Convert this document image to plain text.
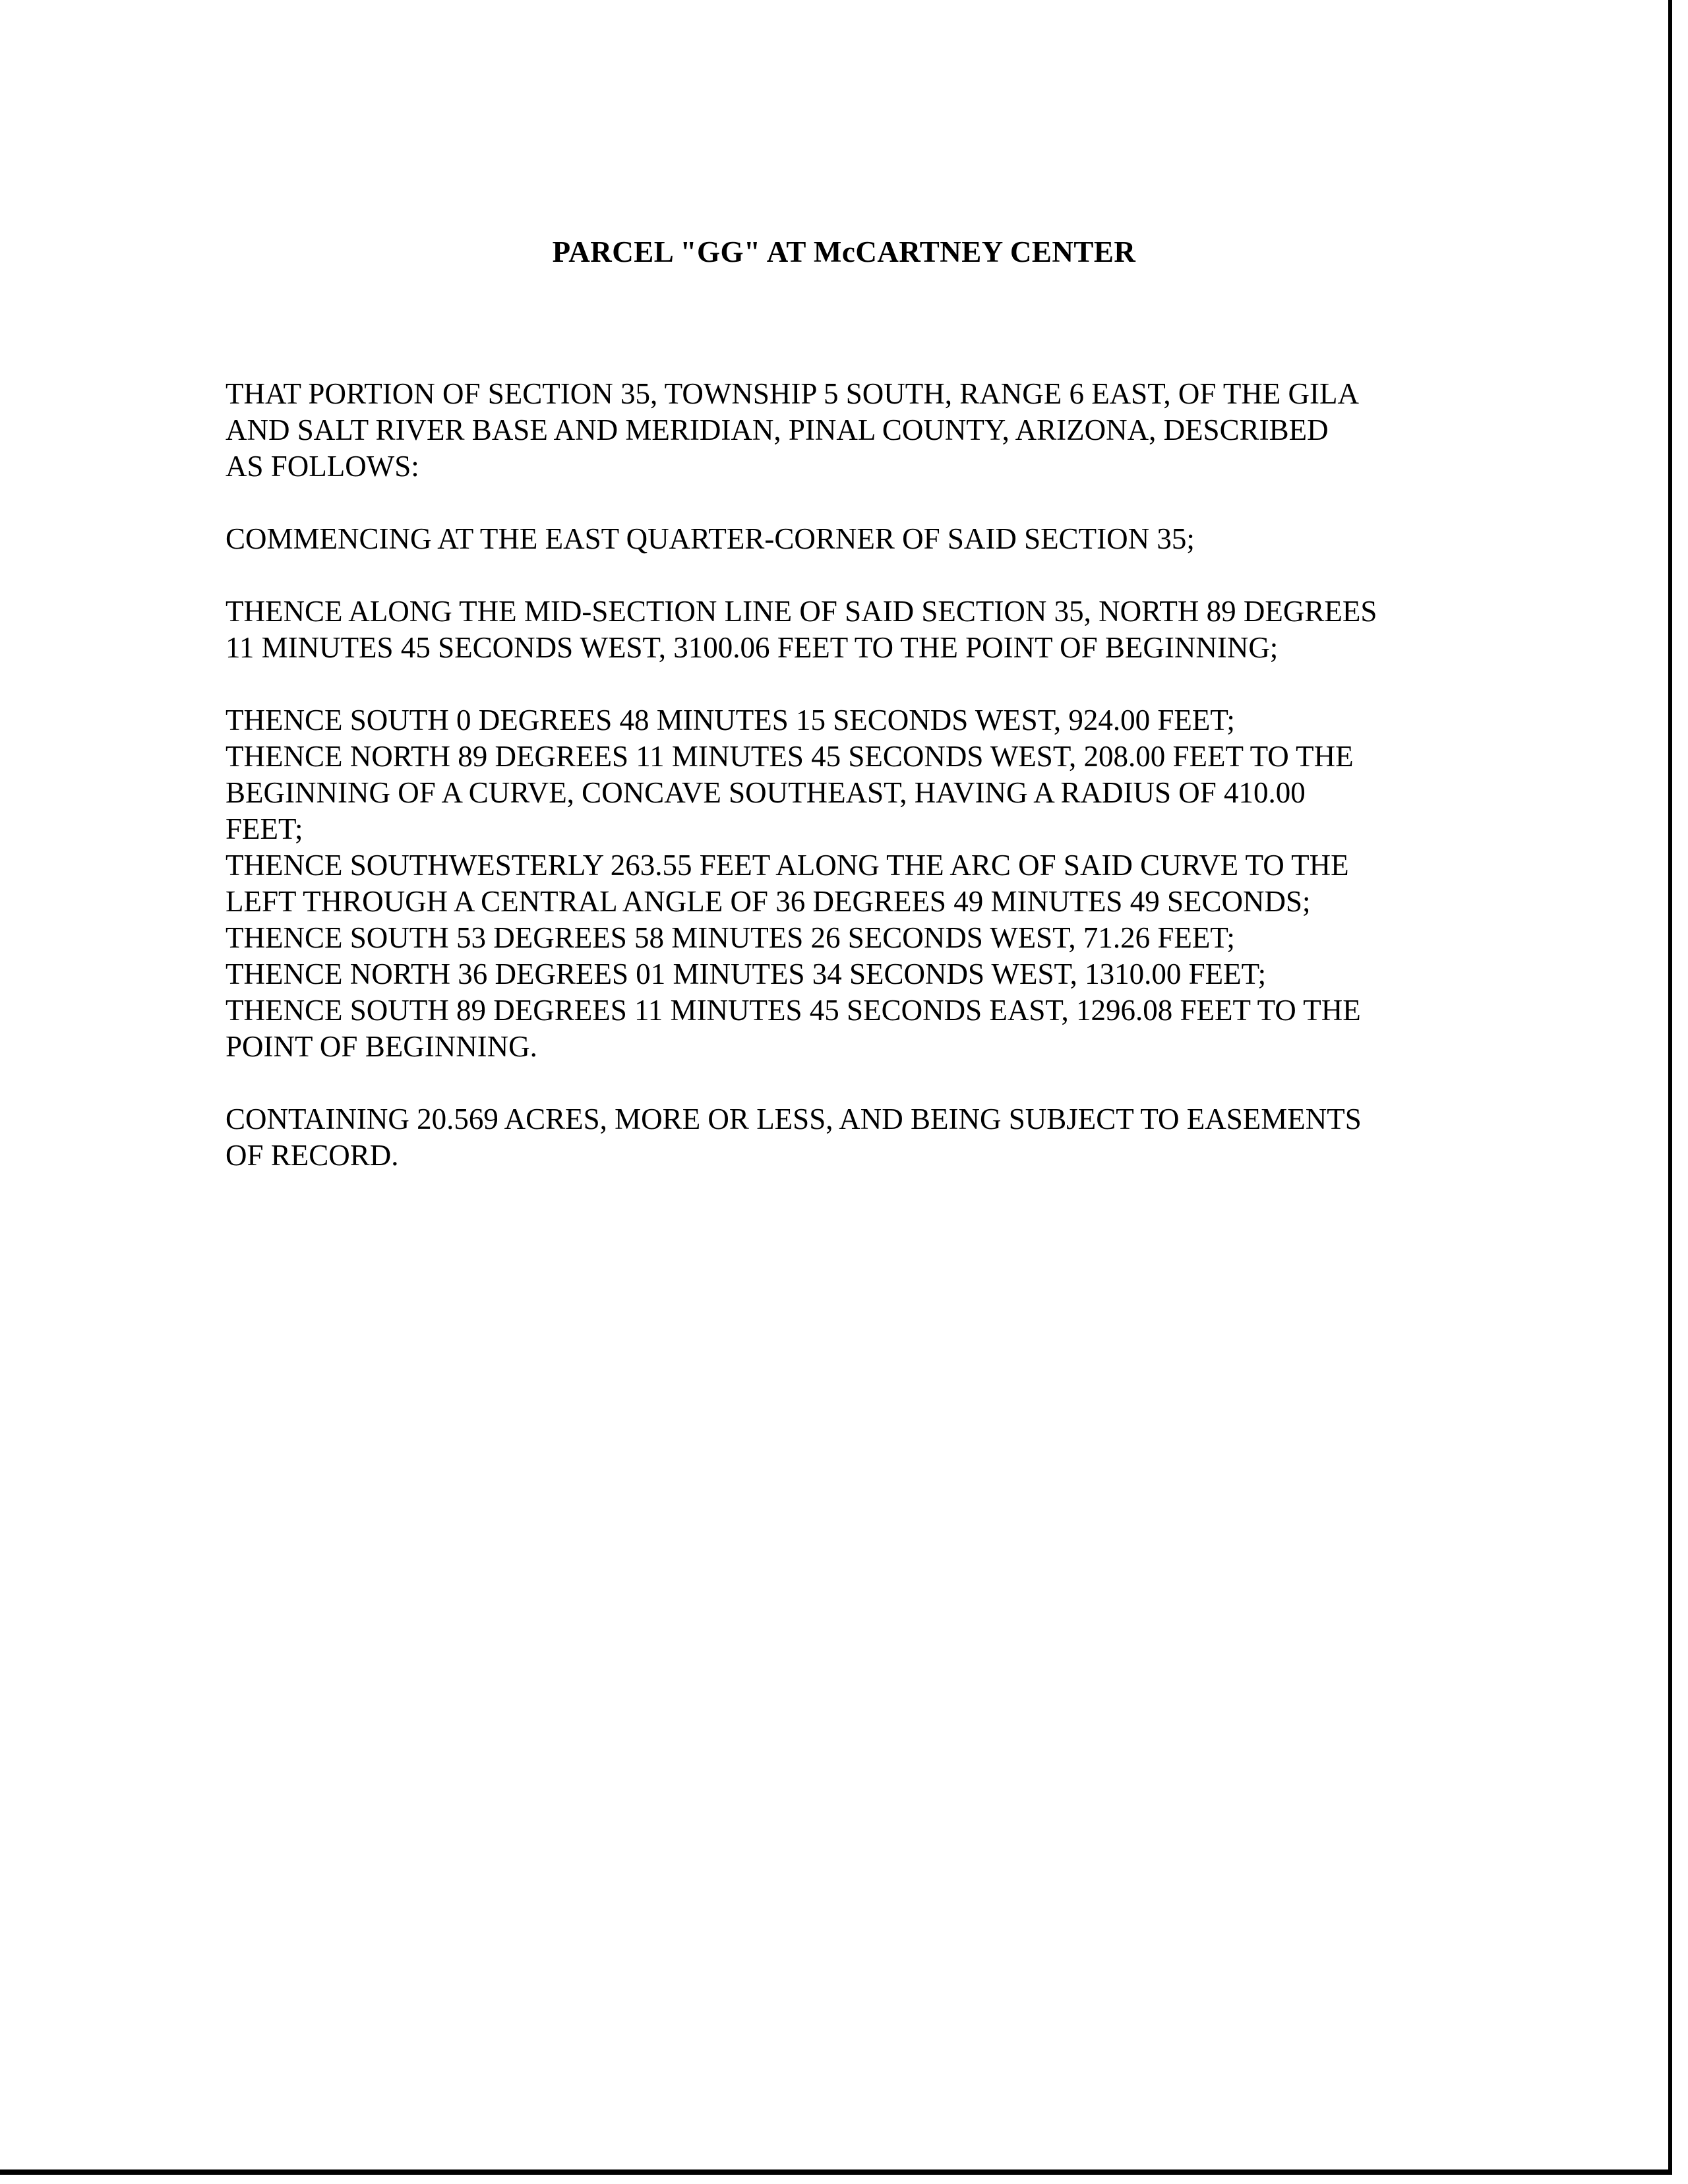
PARCEL "GG" AT McCARTNEY CENTER

THAT PORTION OF SECTION 35, TOWNSHIP 5 SOUTH, RANGE 6 EAST, OF THE GILA
AND SALT RIVER BASE AND MERIDIAN, PINAL COUNTY, ARIZONA, DESCRIBED
AS FOLLOWS:

COMMENCING AT THE EAST QUARTER-CORNER OF SAID SECTION 35;

THENCE ALONG THE MID-SECTION LINE OF SAID SECTION 35, NORTH 89 DEGREES
11 MINUTES 45 SECONDS WEST, 3100.06 FEET TO THE POINT OF BEGINNING;

THENCE SOUTH 0 DEGREES 48 MINUTES 15 SECONDS WEST, 924.00 FEET;
THENCE NORTH 89 DEGREES 11 MINUTES 45 SECONDS WEST, 208.00 FEET TO THE
BEGINNING OF A CURVE, CONCAVE SOUTHEAST, HAVING A RADIUS OF 410.00
FEET;
THENCE SOUTHWESTERLY 263.55 FEET ALONG THE ARC OF SAID CURVE TO THE
LEFT THROUGH A CENTRAL ANGLE OF 36 DEGREES 49 MINUTES 49 SECONDS;
THENCE SOUTH 53 DEGREES 58 MINUTES 26 SECONDS WEST, 71.26 FEET;
THENCE NORTH 36 DEGREES 01 MINUTES 34 SECONDS WEST, 1310.00 FEET;
THENCE SOUTH 89 DEGREES 11 MINUTES 45 SECONDS EAST, 1296.08 FEET TO THE
POINT OF BEGINNING.

CONTAINING 20.569 ACRES, MORE OR LESS, AND BEING SUBJECT TO EASEMENTS
OF RECORD.
